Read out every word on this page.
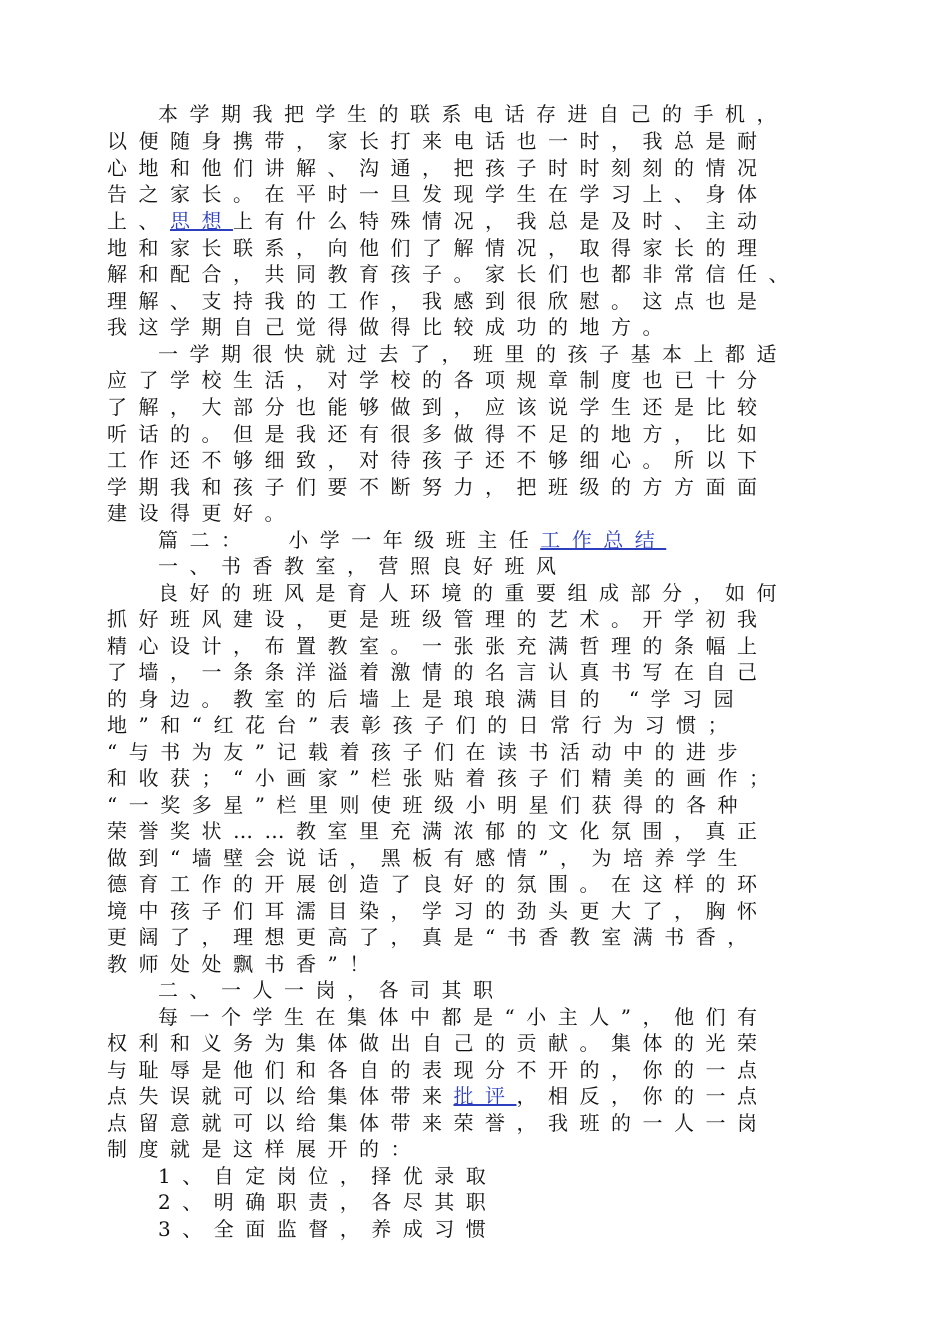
本学期我把学生的联系电话存进自己的手机，
以便随身携带，家长打来电话也一时，我总是耐
心地和他们讲解、沟通，把孩子时时刻刻的情况
告之家长。在平时一旦发现学生在学习上、身体
上、思想上有什么特殊情况，我总是及时、主动
地和家长联系，向他们了解情况，取得家长的理
解和配合，共同教育孩子。家长们也都非常信任、
理解、支持我的工作，我感到很欣慰。这点也是
我这学期自己觉得做得比较成功的地方。
一学期很快就过去了，班里的孩子基本上都适
应了学校生活，对学校的各项规章制度也已十分
了解，大部分也能够做到，应该说学生还是比较
听话的。但是我还有很多做得不足的地方，比如
工作还不够细致，对待孩子还不够细心。所以下
学期我和孩子们要不断努力，把班级的方方面面
建设得更好。
篇二：  小学一年级班主任工作总结
一、书香教室，营照良好班风
良好的班风是育人环境的重要组成部分，如何
抓好班风建设，更是班级管理的艺术。开学初我
精心设计，布置教室。一张张充满哲理的条幅上
了墙，一条条洋溢着激情的名言认真书写在自己
的身边。教室的后墙上是琅琅满目的 “学习园
地”和“红花台”表彰孩子们的日常行为习惯；
“与书为友”记载着孩子们在读书活动中的进步
和收获；“小画家”栏张贴着孩子们精美的画作；
“一奖多星”栏里则使班级小明星们获得的各种
荣誉奖状……教室里充满浓郁的文化氛围，真正
做到“墙壁会说话，黑板有感情”，为培养学生
德育工作的开展创造了良好的氛围。在这样的环
境中孩子们耳濡目染，学习的劲头更大了，胸怀
更阔了，理想更高了，真是“书香教室满书香，
教师处处飘书香”！
二、一人一岗，各司其职
每一个学生在集体中都是“小主人”，他们有
权利和义务为集体做出自己的贡献。集体的光荣
与耻辱是他们和各自的表现分不开的，你的一点
点失误就可以给集体带来批评，相反，你的一点
点留意就可以给集体带来荣誉，我班的一人一岗
制度就是这样展开的：
1、自定岗位，择优录取
2、明确职责，各尽其职
3、全面监督，养成习惯
